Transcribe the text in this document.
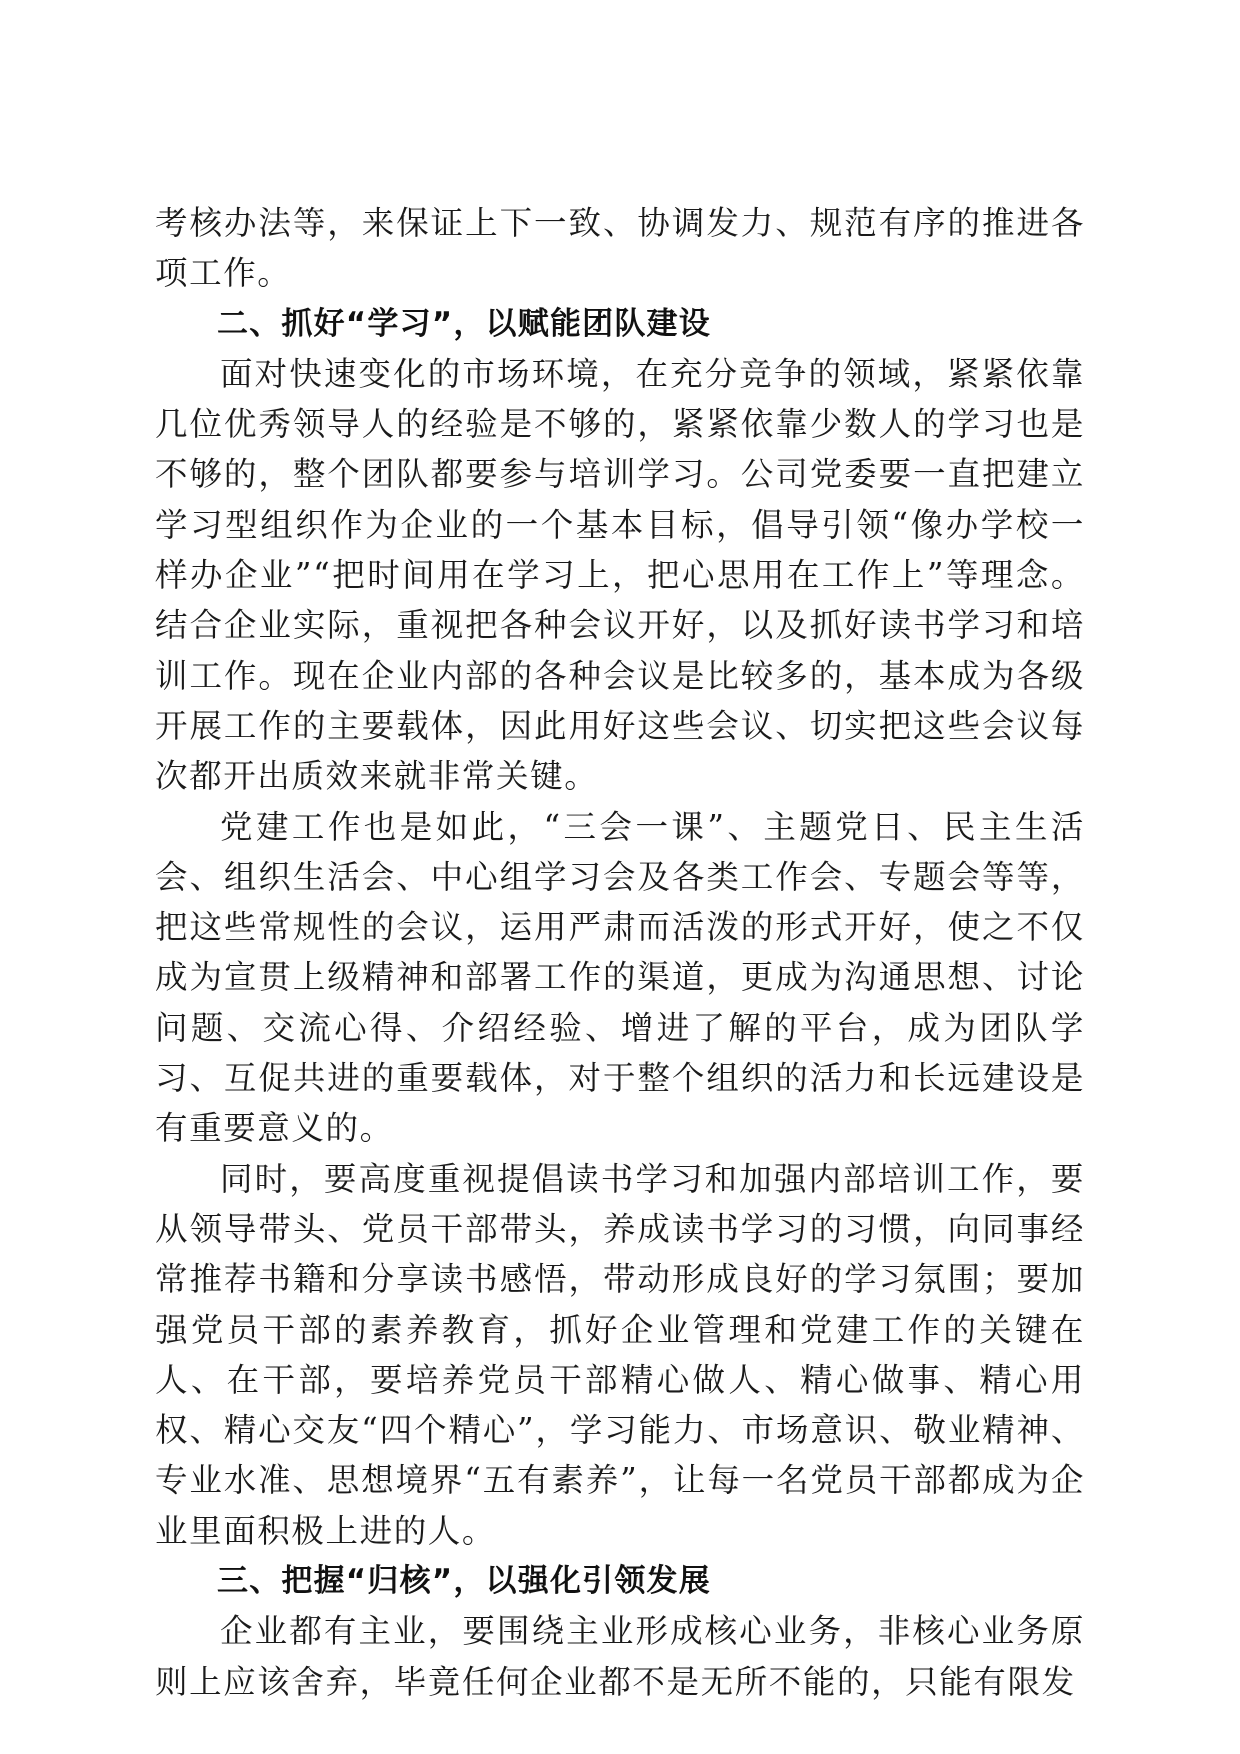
考核办法等，来保证上下一致、协调发力、规范有序的推进各项工作。

二、抓好“学习”，以赋能团队建设

面对快速变化的市场环境，在充分竞争的领域，紧紧依靠几位优秀领导人的经验是不够的，紧紧依靠少数人的学习也是不够的，整个团队都要参与培训学习。公司党委要一直把建立学习型组织作为企业的一个基本目标，倡导引领“像办学校一样办企业”“把时间用在学习上，把心思用在工作上”等理念。结合企业实际，重视把各种会议开好，以及抓好读书学习和培训工作。现在企业内部的各种会议是比较多的，基本成为各级开展工作的主要载体，因此用好这些会议、切实把这些会议每次都开出质效来就非常关键。

党建工作也是如此，“三会一课”、主题党日、民主生活会、组织生活会、中心组学习会及各类工作会、专题会等等，把这些常规性的会议，运用严肃而活泼的形式开好，使之不仅成为宣贯上级精神和部署工作的渠道，更成为沟通思想、讨论问题、交流心得、介绍经验、增进了解的平台，成为团队学习、互促共进的重要载体，对于整个组织的活力和长远建设是有重要意义的。

同时，要高度重视提倡读书学习和加强内部培训工作，要从领导带头、党员干部带头，养成读书学习的习惯，向同事经常推荐书籍和分享读书感悟，带动形成良好的学习氛围；要加强党员干部的素养教育，抓好企业管理和党建工作的关键在人、在干部，要培养党员干部精心做人、精心做事、精心用权、精心交友“四个精心”，学习能力、市场意识、敬业精神、专业水准、思想境界“五有素养”，让每一名党员干部都成为企业里面积极上进的人。

三、把握“归核”，以强化引领发展

企业都有主业，要围绕主业形成核心业务，非核心业务原则上应该舍弃，毕竟任何企业都不是无所不能的，只能有限发
